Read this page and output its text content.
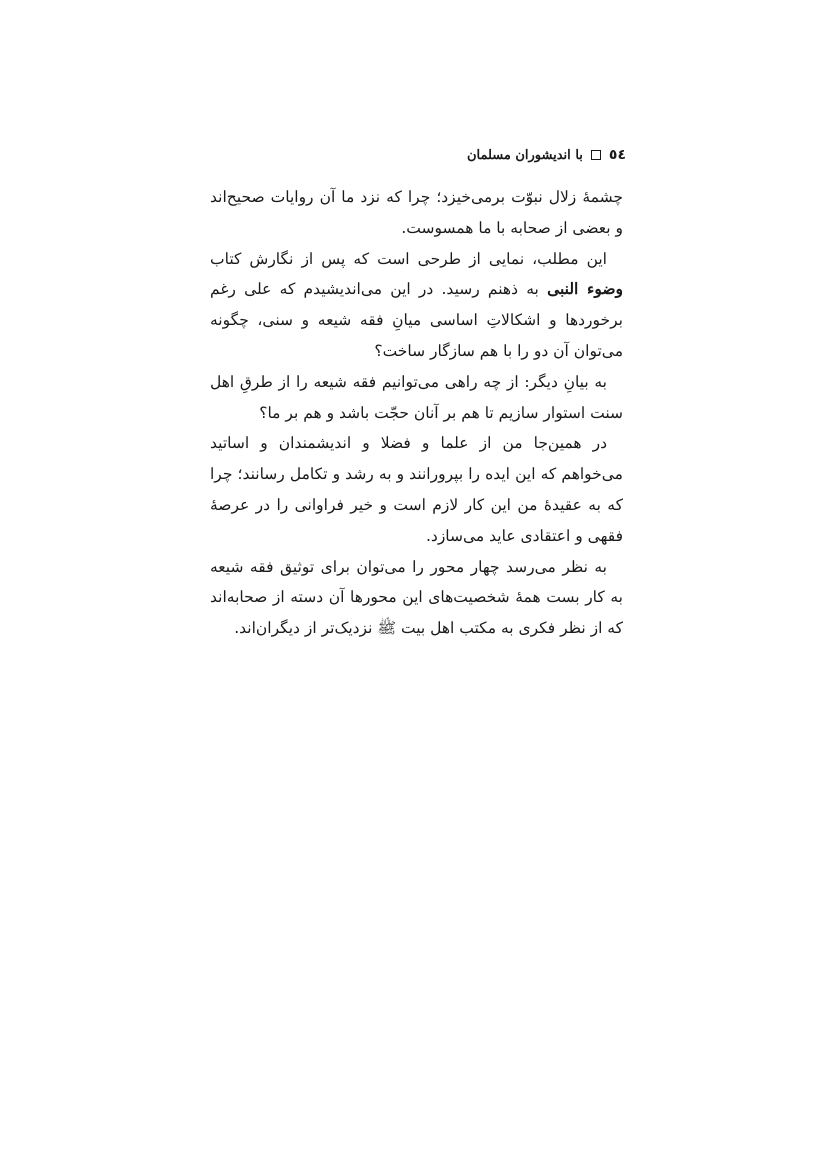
٥٤
با اندیشوران مسلمان

چشمهٔ زلال نبوّت برمی‌خیزد؛ چرا که نزد ما آن روایات صحیح‌اند و بعضی از صحابه با ما همسوست.

این مطلب، نمایی از طرحی است که پس از نگارش کتاب وضوء النبی به ذهنم رسید. در این می‌اندیشیدم که علی رغم برخوردها و اشکالاتِ اساسی میانِ فقه شیعه و سنی، چگونه می‌توان آن دو را با هم سازگار ساخت؟

به بیانِ دیگر: از چه راهی می‌توانیم فقه شیعه را از طرقِ اهل سنت استوار سازیم تا هم بر آنان حجّت باشد و هم بر ما؟

در همین‌جا من از علما و فضلا و اندیشمندان و اساتید می‌خواهم که این ایده را بپرورانند و به رشد و تکامل رسانند؛ چرا که به عقیدهٔ من این کار لازم است و خیر فراوانی را در عرصهٔ فقهی و اعتقادی عاید می‌سازد.

به نظر می‌رسد چهار محور را می‌توان برای توثیق فقه شیعه به کار بست همهٔ شخصیت‌های این محورها آن دسته از صحابه‌اند که از نظر فکری به مکتب اهل بیت ﷺ نزدیک‌تر از دیگران‌اند.
